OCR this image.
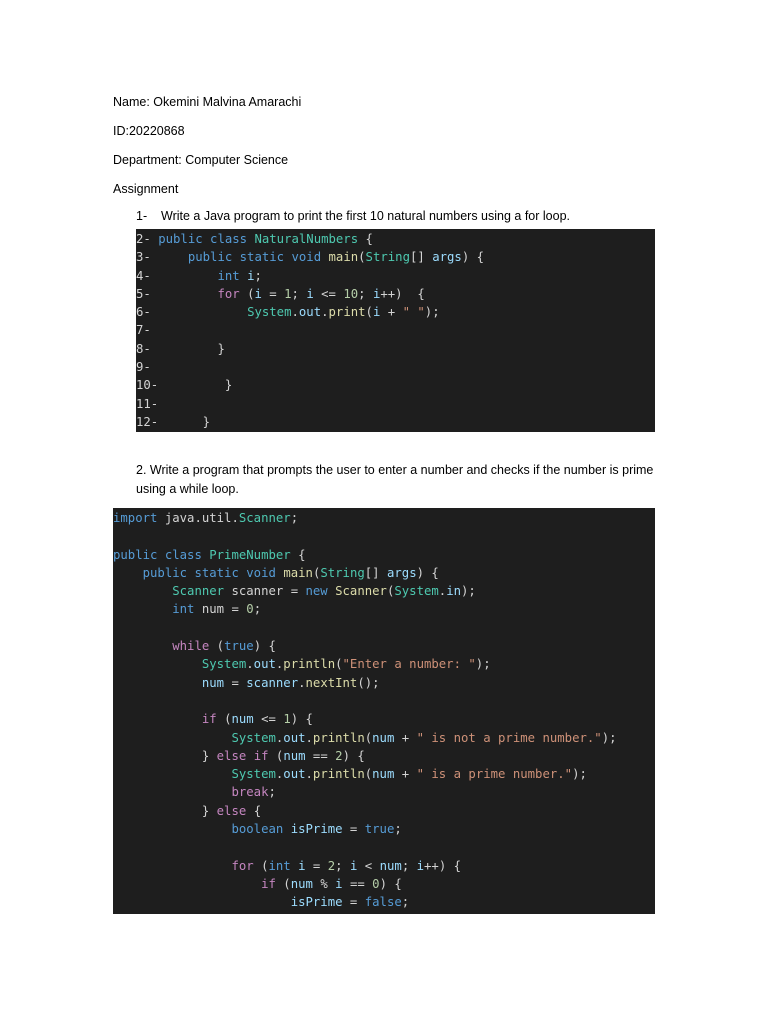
Name: Okemini Malvina Amarachi
ID:20220868
Department: Computer Science
Assignment
1- Write a Java program to print the first 10 natural numbers using a for loop.
2- public class NaturalNumbers {
3-     public static void main(String[] args) {
4-         int i;
5-         for (i = 1; i <= 10; i++)  {
6-             System.out.print(i + " ");
7-
8-         }
9-
10-         }
11-
12-      }
2. Write a program that prompts the user to enter a number and checks if the number is prime using a while loop.
import java.util.Scanner;

public class PrimeNumber {
public static void main(String[] args) {
Scanner scanner = new Scanner(System.in);
int num = 0;

while (true) {
System.out.println("Enter a number: ");
num = scanner.nextInt();

if (num <= 1) {
System.out.println(num + " is not a prime number.");
} else if (num == 2) {
System.out.println(num + " is a prime number.");
break;
} else {
boolean isPrime = true;

for (int i = 2; i < num; i++) {
if (num % i == 0) {
isPrime = false;
